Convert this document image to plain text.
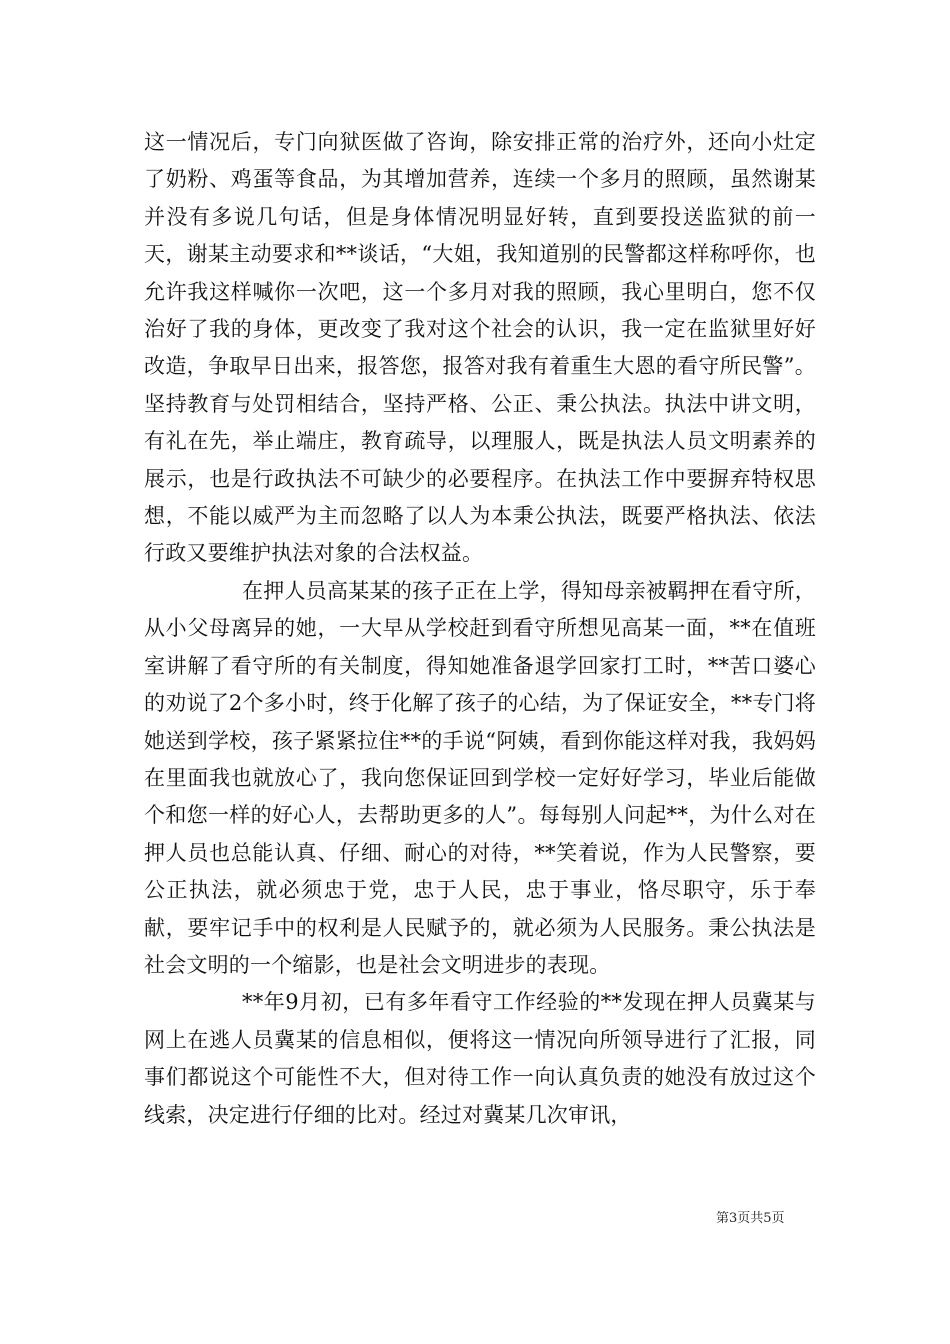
这一情况后，专门向狱医做了咨询，除安排正常的治疗外，还向小灶定了奶粉、鸡蛋等食品，为其增加营养，连续一个多月的照顾，虽然谢某并没有多说几句话，但是身体情况明显好转，直到要投送监狱的前一天，谢某主动要求和**谈话，“大姐，我知道别的民警都这样称呼你，也允许我这样喊你一次吧，这一个多月对我的照顾，我心里明白，您不仅治好了我的身体，更改变了我对这个社会的认识，我一定在监狱里好好改造，争取早日出来，报答您，报答对我有着重生大恩的看守所民警”。坚持教育与处罚相结合，坚持严格、公正、秉公执法。执法中讲文明，有礼在先，举止端庄，教育疏导，以理服人，既是执法人员文明素养的展示，也是行政执法不可缺少的必要程序。在执法工作中要摒弃特权思想，不能以威严为主而忽略了以人为本秉公执法，既要严格执法、依法行政又要维护执法对象的合法权益。

在押人员高某某的孩子正在上学，得知母亲被羁押在看守所，从小父母离异的她，一大早从学校赶到看守所想见高某一面，**在值班室讲解了看守所的有关制度，得知她准备退学回家打工时，**苦口婆心的劝说了2个多小时，终于化解了孩子的心结，为了保证安全，**专门将她送到学校，孩子紧紧拉住**的手说“阿姨，看到你能这样对我，我妈妈在里面我也就放心了，我向您保证回到学校一定好好学习，毕业后能做个和您一样的好心人，去帮助更多的人”。每每别人问起**，为什么对在押人员也总能认真、仔细、耐心的对待，**笑着说，作为人民警察，要公正执法，就必须忠于党，忠于人民，忠于事业，恪尽职守，乐于奉献，要牢记手中的权利是人民赋予的，就必须为人民服务。秉公执法是社会文明的一个缩影，也是社会文明进步的表现。

**年9月初，已有多年看守工作经验的**发现在押人员冀某与网上在逃人员冀某的信息相似，便将这一情况向所领导进行了汇报，同事们都说这个可能性不大，但对待工作一向认真负责的她没有放过这个线索，决定进行仔细的比对。经过对冀某几次审讯，

第3页共5页
